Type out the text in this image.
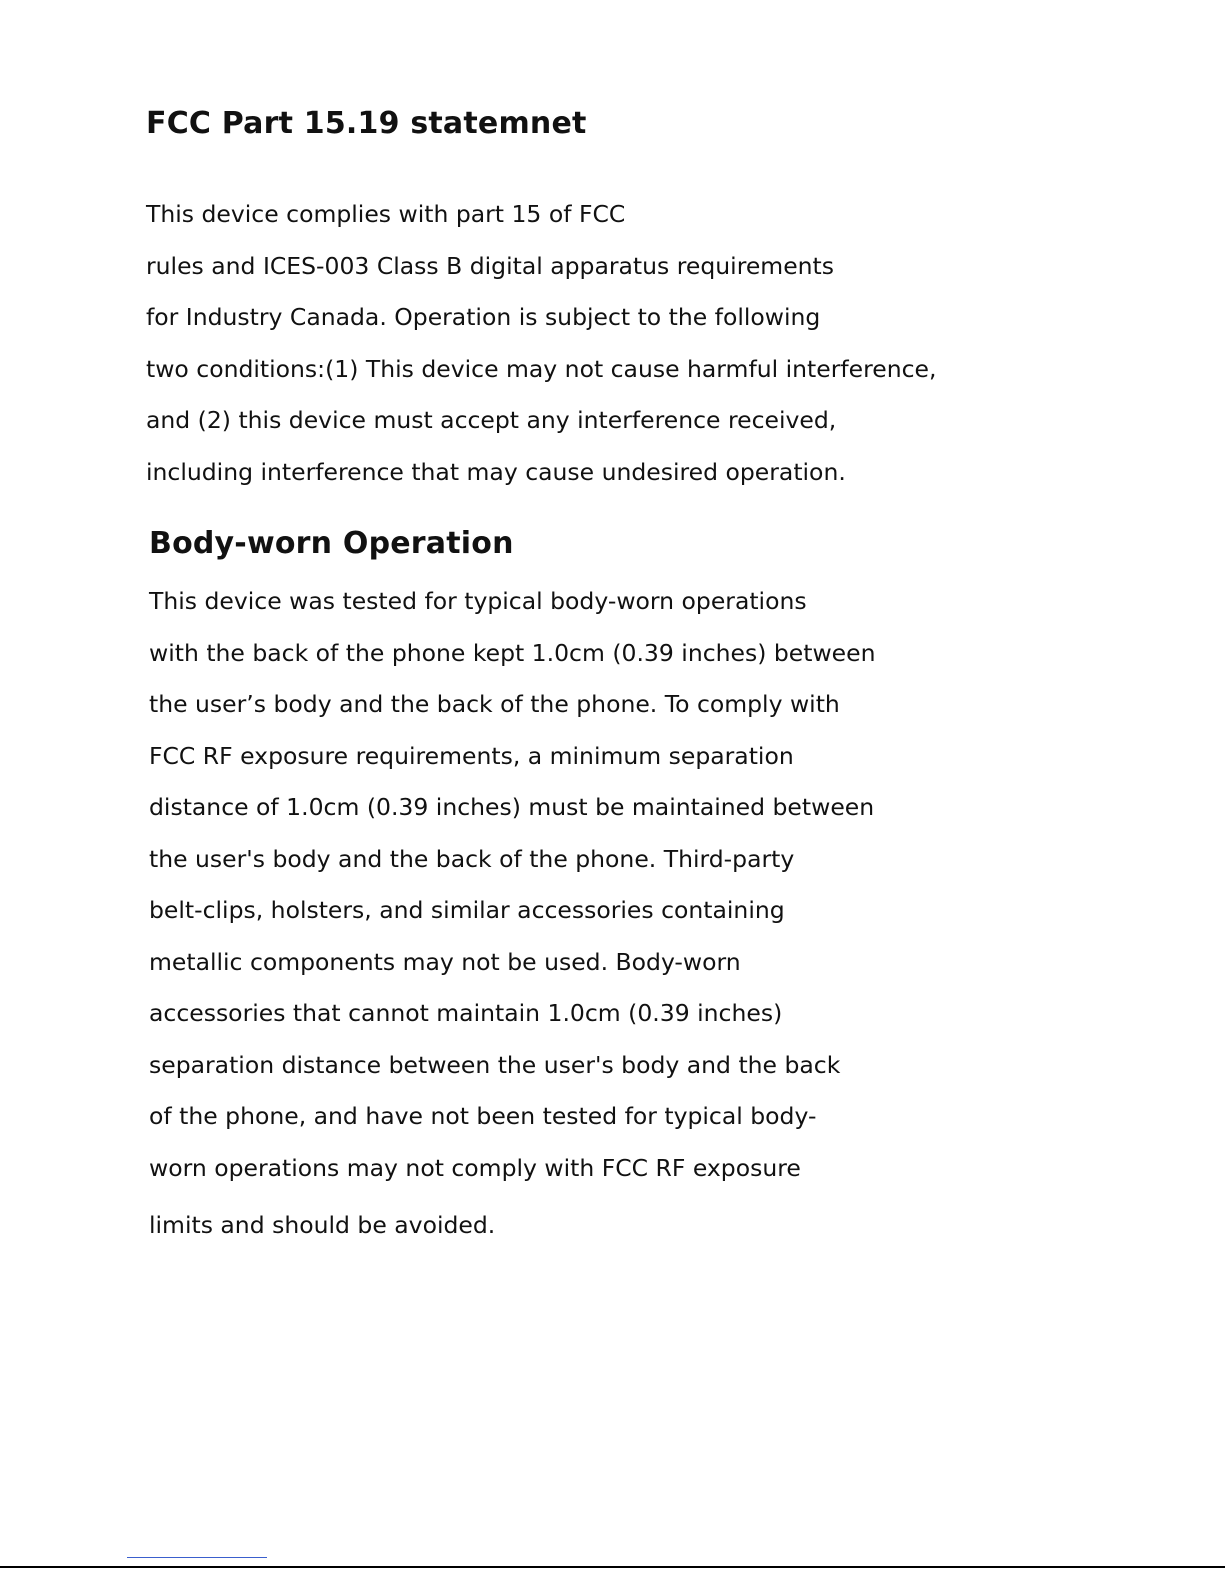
FCC Part 15.19 statemnet
This device complies with part 15 of FCC
rules and ICES-003 Class B digital apparatus requirements
for Industry Canada. Operation is subject to the following
two conditions:(1) This device may not cause harmful interference,
and (2) this device must accept any interference received,
including interference that may cause undesired operation.
Body-worn Operation
This device was tested for typical body-worn operations
with the back of the phone kept 1.0cm (0.39 inches) between
the user’s body and the back of the phone. To comply with
FCC RF exposure requirements, a minimum separation
distance of 1.0cm (0.39 inches) must be maintained between
the user's body and the back of the phone. Third-party
belt-clips, holsters, and similar accessories containing
metallic components may not be used. Body-worn
accessories that cannot maintain 1.0cm (0.39 inches)
separation distance between the user's body and the back
of the phone, and have not been tested for typical body-
worn operations may not comply with FCC RF exposure
limits and should be avoided.
